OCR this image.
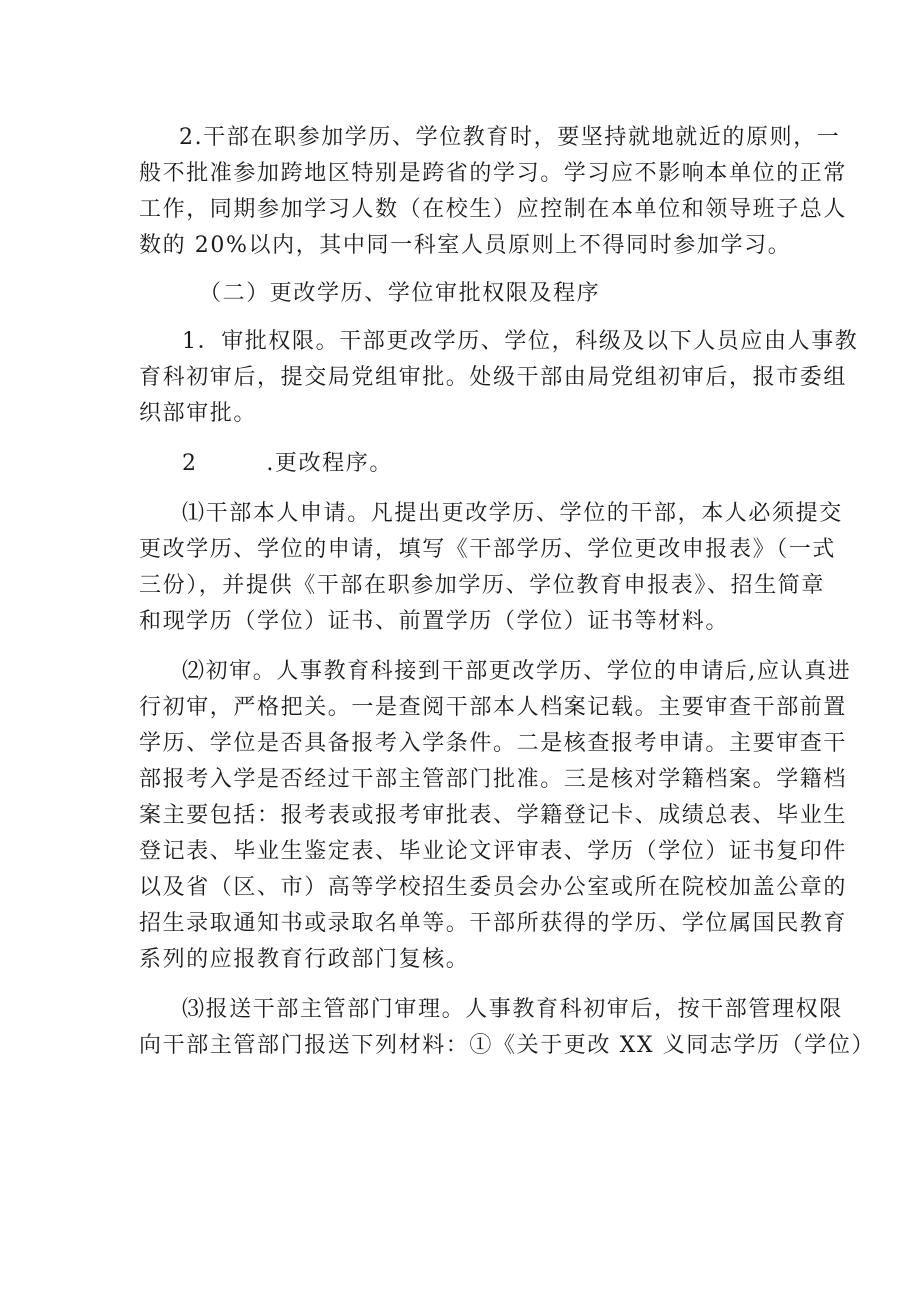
2.干部在职参加学历、学位教育时，要坚持就地就近的原则，一
般不批准参加跨地区特别是跨省的学习。学习应不影响本单位的正常
工作，同期参加学习人数（在校生）应控制在本单位和领导班子总人
数的 20%以内，其中同一科室人员原则上不得同时参加学习。
（二）更改学历、学位审批权限及程序
1．审批权限。干部更改学历、学位，科级及以下人员应由人事教
育科初审后，提交局党组审批。处级干部由局党组初审后，报市委组
织部审批。
2        .更改程序。
⑴干部本人申请。凡提出更改学历、学位的干部，本人必须提交
更改学历、学位的申请，填写《干部学历、学位更改申报表》（一式
三份），并提供《干部在职参加学历、学位教育申报表》、招生简章
和现学历（学位）证书、前置学历（学位）证书等材料。
⑵初审。人事教育科接到干部更改学历、学位的申请后,应认真进
行初审，严格把关。一是查阅干部本人档案记载。主要审查干部前置
学历、学位是否具备报考入学条件。二是核查报考申请。主要审查干
部报考入学是否经过干部主管部门批准。三是核对学籍档案。学籍档
案主要包括：报考表或报考审批表、学籍登记卡、成绩总表、毕业生
登记表、毕业生鉴定表、毕业论文评审表、学历（学位）证书复印件
以及省（区、市）高等学校招生委员会办公室或所在院校加盖公章的
招生录取通知书或录取名单等。干部所获得的学历、学位属国民教育
系列的应报教育行政部门复核。
⑶报送干部主管部门审理。人事教育科初审后，按干部管理权限
向干部主管部门报送下列材料：①《关于更改 XX 义同志学历（学位）
